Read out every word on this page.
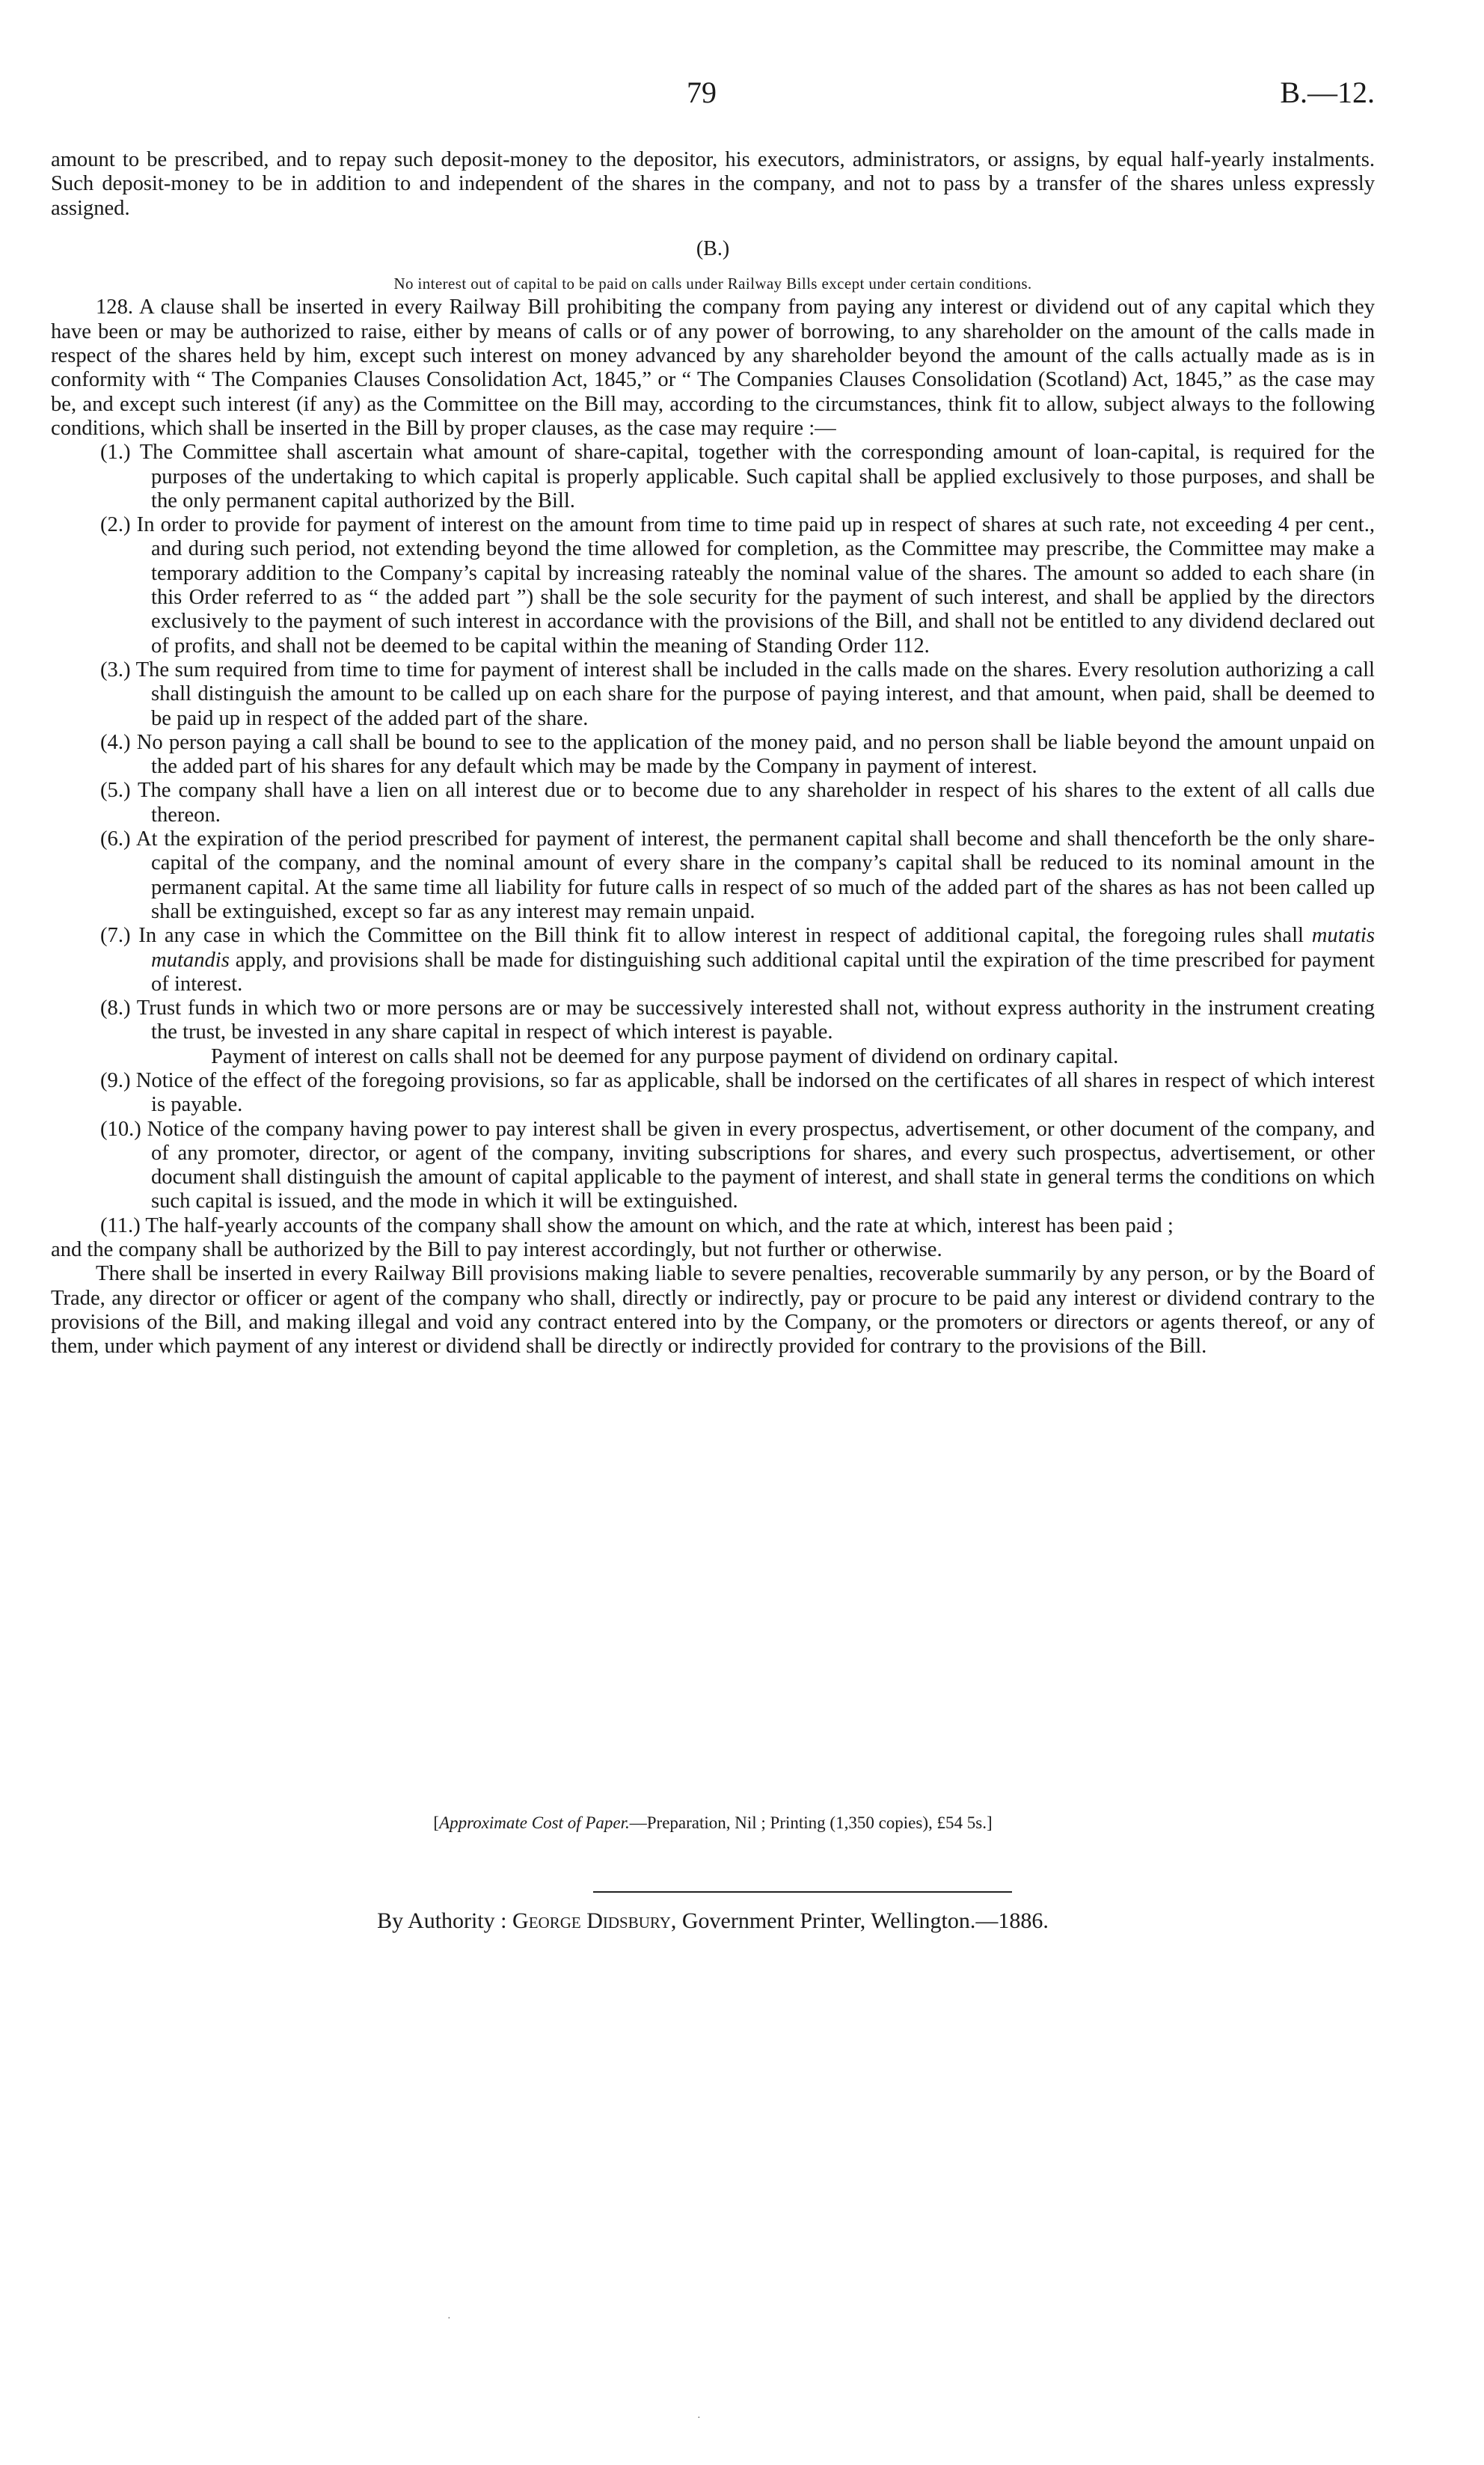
79	B.—12.

amount to be prescribed, and to repay such deposit-money to the depositor, his executors, administrators, or assigns, by equal half-yearly instalments. Such deposit-money to be in addition to and independent of the shares in the company, and not to pass by a transfer of the shares unless expressly assigned.

(B.)

No interest out of capital to be paid on calls under Railway Bills except under certain conditions.

128. A clause shall be inserted in every Railway Bill prohibiting the company from paying any interest or dividend out of any capital which they have been or may be authorized to raise, either by means of calls or of any power of borrowing, to any shareholder on the amount of the calls made in respect of the shares held by him, except such interest on money advanced by any shareholder beyond the amount of the calls actually made as is in conformity with “ The Companies Clauses Consolidation Act, 1845,” or “ The Companies Clauses Consolidation (Scotland) Act, 1845,” as the case may be, and except such interest (if any) as the Committee on the Bill may, according to the circumstances, think fit to allow, subject always to the following conditions, which shall be inserted in the Bill by proper clauses, as the case may require :—

(1.) The Committee shall ascertain what amount of share-capital, together with the corresponding amount of loan-capital, is required for the purposes of the undertaking to which capital is properly applicable. Such capital shall be applied exclusively to those purposes, and shall be the only permanent capital authorized by the Bill.

(2.) In order to provide for payment of interest on the amount from time to time paid up in respect of shares at such rate, not exceeding 4 per cent., and during such period, not extending beyond the time allowed for completion, as the Committee may prescribe, the Committee may make a temporary addition to the Company’s capital by increasing rateably the nominal value of the shares. The amount so added to each share (in this Order referred to as “ the added part ”) shall be the sole security for the payment of such interest, and shall be applied by the directors exclusively to the payment of such interest in accordance with the provisions of the Bill, and shall not be entitled to any dividend declared out of profits, and shall not be deemed to be capital within the meaning of Standing Order 112.

(3.) The sum required from time to time for payment of interest shall be included in the calls made on the shares. Every resolution authorizing a call shall distinguish the amount to be called up on each share for the purpose of paying interest, and that amount, when paid, shall be deemed to be paid up in respect of the added part of the share.

(4.) No person paying a call shall be bound to see to the application of the money paid, and no person shall be liable beyond the amount unpaid on the added part of his shares for any default which may be made by the Company in payment of interest.

(5.) The company shall have a lien on all interest due or to become due to any shareholder in respect of his shares to the extent of all calls due thereon.

(6.) At the expiration of the period prescribed for payment of interest, the permanent capital shall become and shall thenceforth be the only share-capital of the company, and the nominal amount of every share in the company’s capital shall be reduced to its nominal amount in the permanent capital. At the same time all liability for future calls in respect of so much of the added part of the shares as has not been called up shall be extinguished, except so far as any interest may remain unpaid.

(7.) In any case in which the Committee on the Bill think fit to allow interest in respect of additional capital, the foregoing rules shall mutatis mutandis apply, and provisions shall be made for distinguishing such additional capital until the expiration of the time prescribed for payment of interest.

(8.) Trust funds in which two or more persons are or may be successively interested shall not, without express authority in the instrument creating the trust, be invested in any share capital in respect of which interest is payable.

Payment of interest on calls shall not be deemed for any purpose payment of dividend on ordinary capital.

(9.) Notice of the effect of the foregoing provisions, so far as applicable, shall be indorsed on the certificates of all shares in respect of which interest is payable.

(10.) Notice of the company having power to pay interest shall be given in every prospectus, advertisement, or other document of the company, and of any promoter, director, or agent of the company, inviting subscriptions for shares, and every such prospectus, advertisement, or other document shall distinguish the amount of capital applicable to the payment of interest, and shall state in general terms the conditions on which such capital is issued, and the mode in which it will be extinguished.

(11.) The half-yearly accounts of the company shall show the amount on which, and the rate at which, interest has been paid ;

and the company shall be authorized by the Bill to pay interest accordingly, but not further or otherwise.

There shall be inserted in every Railway Bill provisions making liable to severe penalties, recoverable summarily by any person, or by the Board of Trade, any director or officer or agent of the company who shall, directly or indirectly, pay or procure to be paid any interest or dividend contrary to the provisions of the Bill, and making illegal and void any contract entered into by the Company, or the promoters or directors or agents thereof, or any of them, under which payment of any interest or dividend shall be directly or indirectly provided for contrary to the provisions of the Bill.

[Approximate Cost of Paper.—Preparation, Nil ; Printing (1,350 copies), £54 5s.]
By Authority : George Didsbury, Government Printer, Wellington.—1886.
·
·
